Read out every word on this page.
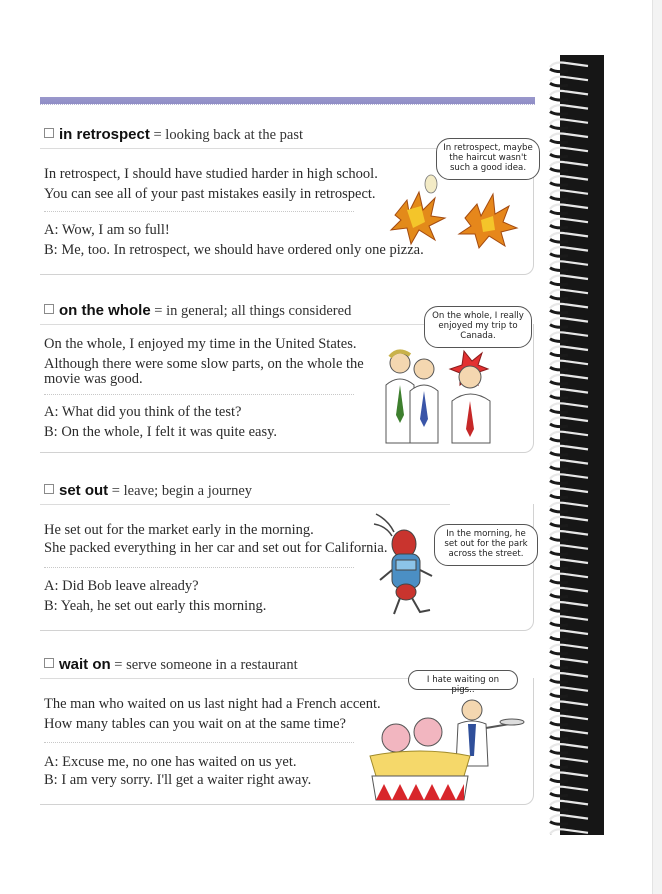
in retrospect = looking back at the past
In retrospect, I should have studied harder in high school.
You can see all of your past mistakes easily in retrospect.
A: Wow, I am so full!
B: Me, too. In retrospect, we should have ordered only one pizza.
In retrospect, maybe
the haircut wasn't
such a good idea.
on the whole = in general; all things considered
On the whole, I enjoyed my time in the United States.
Although there were some slow parts, on the whole the
movie was good.
A: What did you think of the test?
B: On the whole, I felt it was quite easy.
On the whole, I really
enjoyed my trip to
Canada.
set out = leave; begin a journey
He set out for the market early in the morning.
She packed everything in her car and set out for California.
A: Did Bob leave already?
B: Yeah, he set out early this morning.
In the morning, he
set out for the park
across the street.
wait on = serve someone in a restaurant
The man who waited on us last night had a French accent.
How many tables can you wait on at the same time?
A: Excuse me, no one has waited on us yet.
B: I am very sorry. I'll get a waiter right away.
I hate waiting on pigs..
